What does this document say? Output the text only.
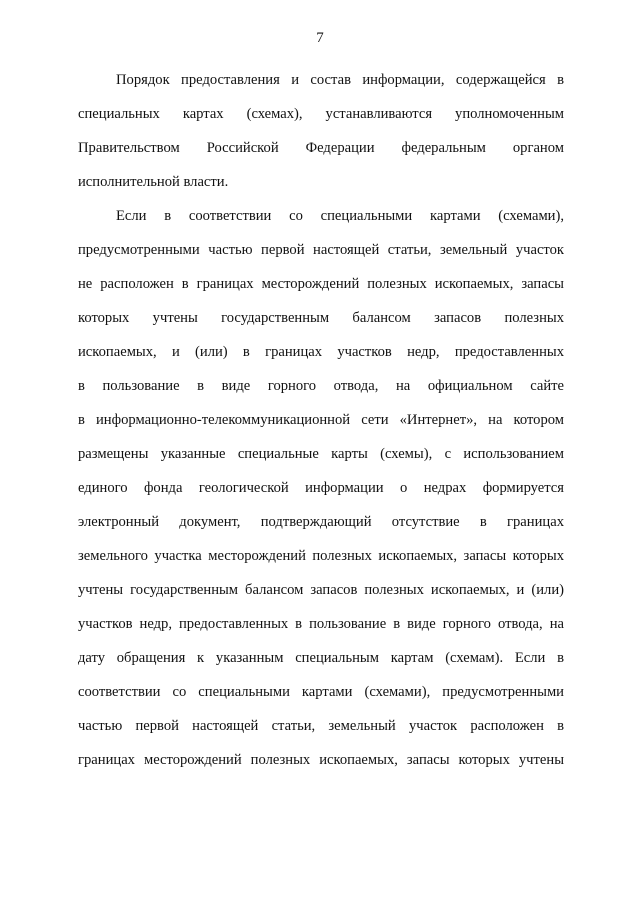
7
Порядок предоставления и состав информации, содержащейся в
специальных картах (схемах), устанавливаются уполномоченным
Правительством Российской Федерации федеральным органом
исполнительной власти.
Если в соответствии со специальными картами (схемами),
предусмотренными частью первой настоящей статьи, земельный участок
не расположен в границах месторождений полезных ископаемых, запасы
которых учтены государственным балансом запасов полезных
ископаемых, и (или) в границах участков недр, предоставленных
в пользование в виде горного отвода, на официальном сайте
в информационно-телекоммуникационной сети «Интернет», на котором
размещены указанные специальные карты (схемы), с использованием
единого фонда геологической информации о недрах формируется
электронный документ, подтверждающий отсутствие в границах
земельного участка месторождений полезных ископаемых, запасы которых
учтены государственным балансом запасов полезных ископаемых, и (или)
участков недр, предоставленных в пользование в виде горного отвода, на
дату обращения к указанным специальным картам (схемам). Если в
соответствии со специальными картами (схемами), предусмотренными
частью первой настоящей статьи, земельный участок расположен в
границах месторождений полезных ископаемых, запасы которых учтены
